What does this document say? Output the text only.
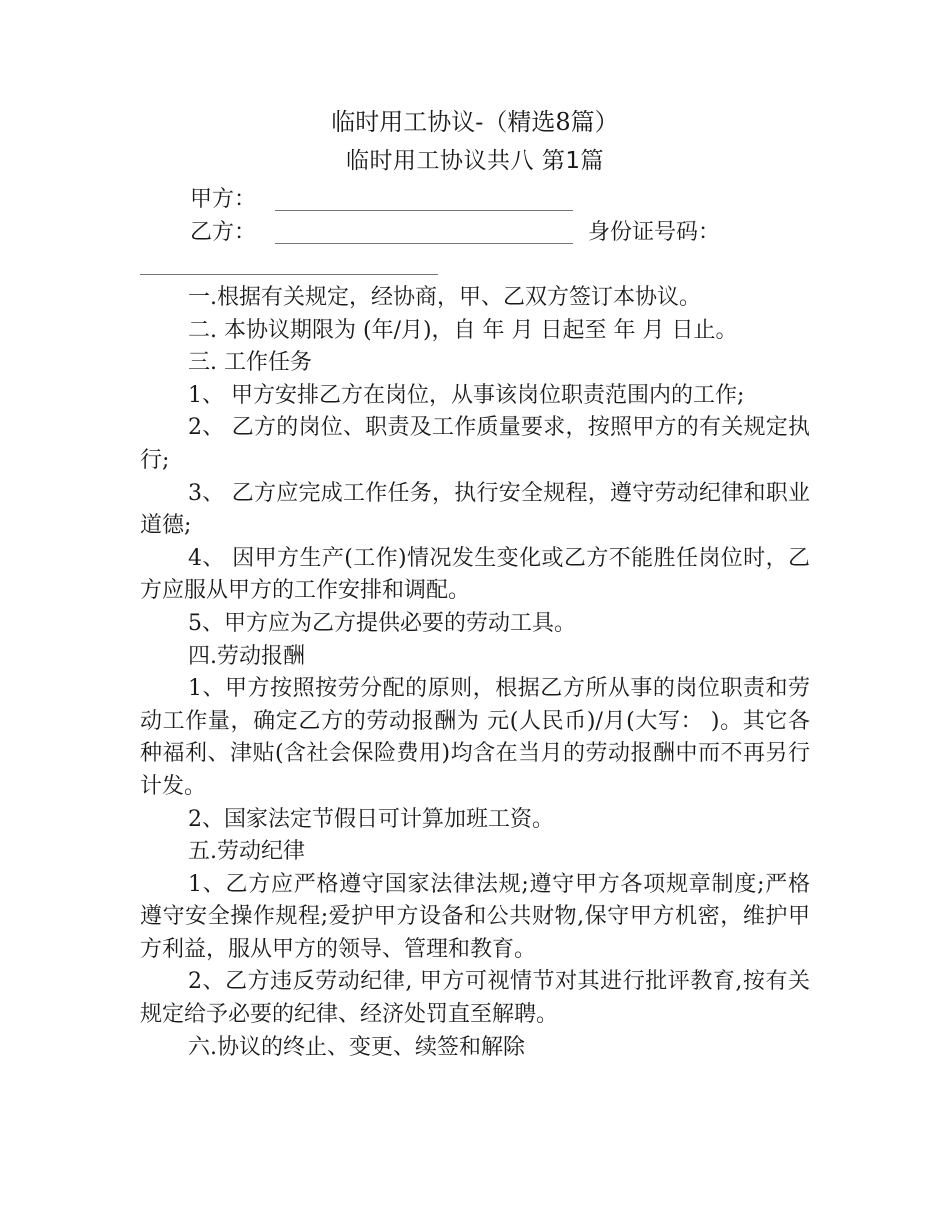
临时用工协议-（精选8篇）
临时用工协议共八 第1篇
甲方：
乙方：	身份证号码：

一.根据有关规定，经协商，甲、乙双方签订本协议。

二. 本协议期限为 (年/月)，自 年 月 日起至 年 月 日止。

三. 工作任务

1、 甲方安排乙方在岗位，从事该岗位职责范围内的工作;

2、 乙方的岗位、职责及工作质量要求，按照甲方的有关规定执行;

3、 乙方应完成工作任务，执行安全规程，遵守劳动纪律和职业道德;

4、 因甲方生产(工作)情况发生变化或乙方不能胜任岗位时，乙方应服从甲方的工作安排和调配。

5、甲方应为乙方提供必要的劳动工具。

四.劳动报酬

1、甲方按照按劳分配的原则，根据乙方所从事的岗位职责和劳动工作量，确定乙方的劳动报酬为 元(人民币)/月(大写： )。其它各种福利、津贴(含社会保险费用)均含在当月的劳动报酬中而不再另行计发。

2、国家法定节假日可计算加班工资。

五.劳动纪律

1、乙方应严格遵守国家法律法规;遵守甲方各项规章制度;严格遵守安全操作规程;爱护甲方设备和公共财物,保守甲方机密，维护甲方利益，服从甲方的领导、管理和教育。

2、乙方违反劳动纪律, 甲方可视情节对其进行批评教育,按有关规定给予必要的纪律、经济处罚直至解聘。

六.协议的终止、变更、续签和解除
